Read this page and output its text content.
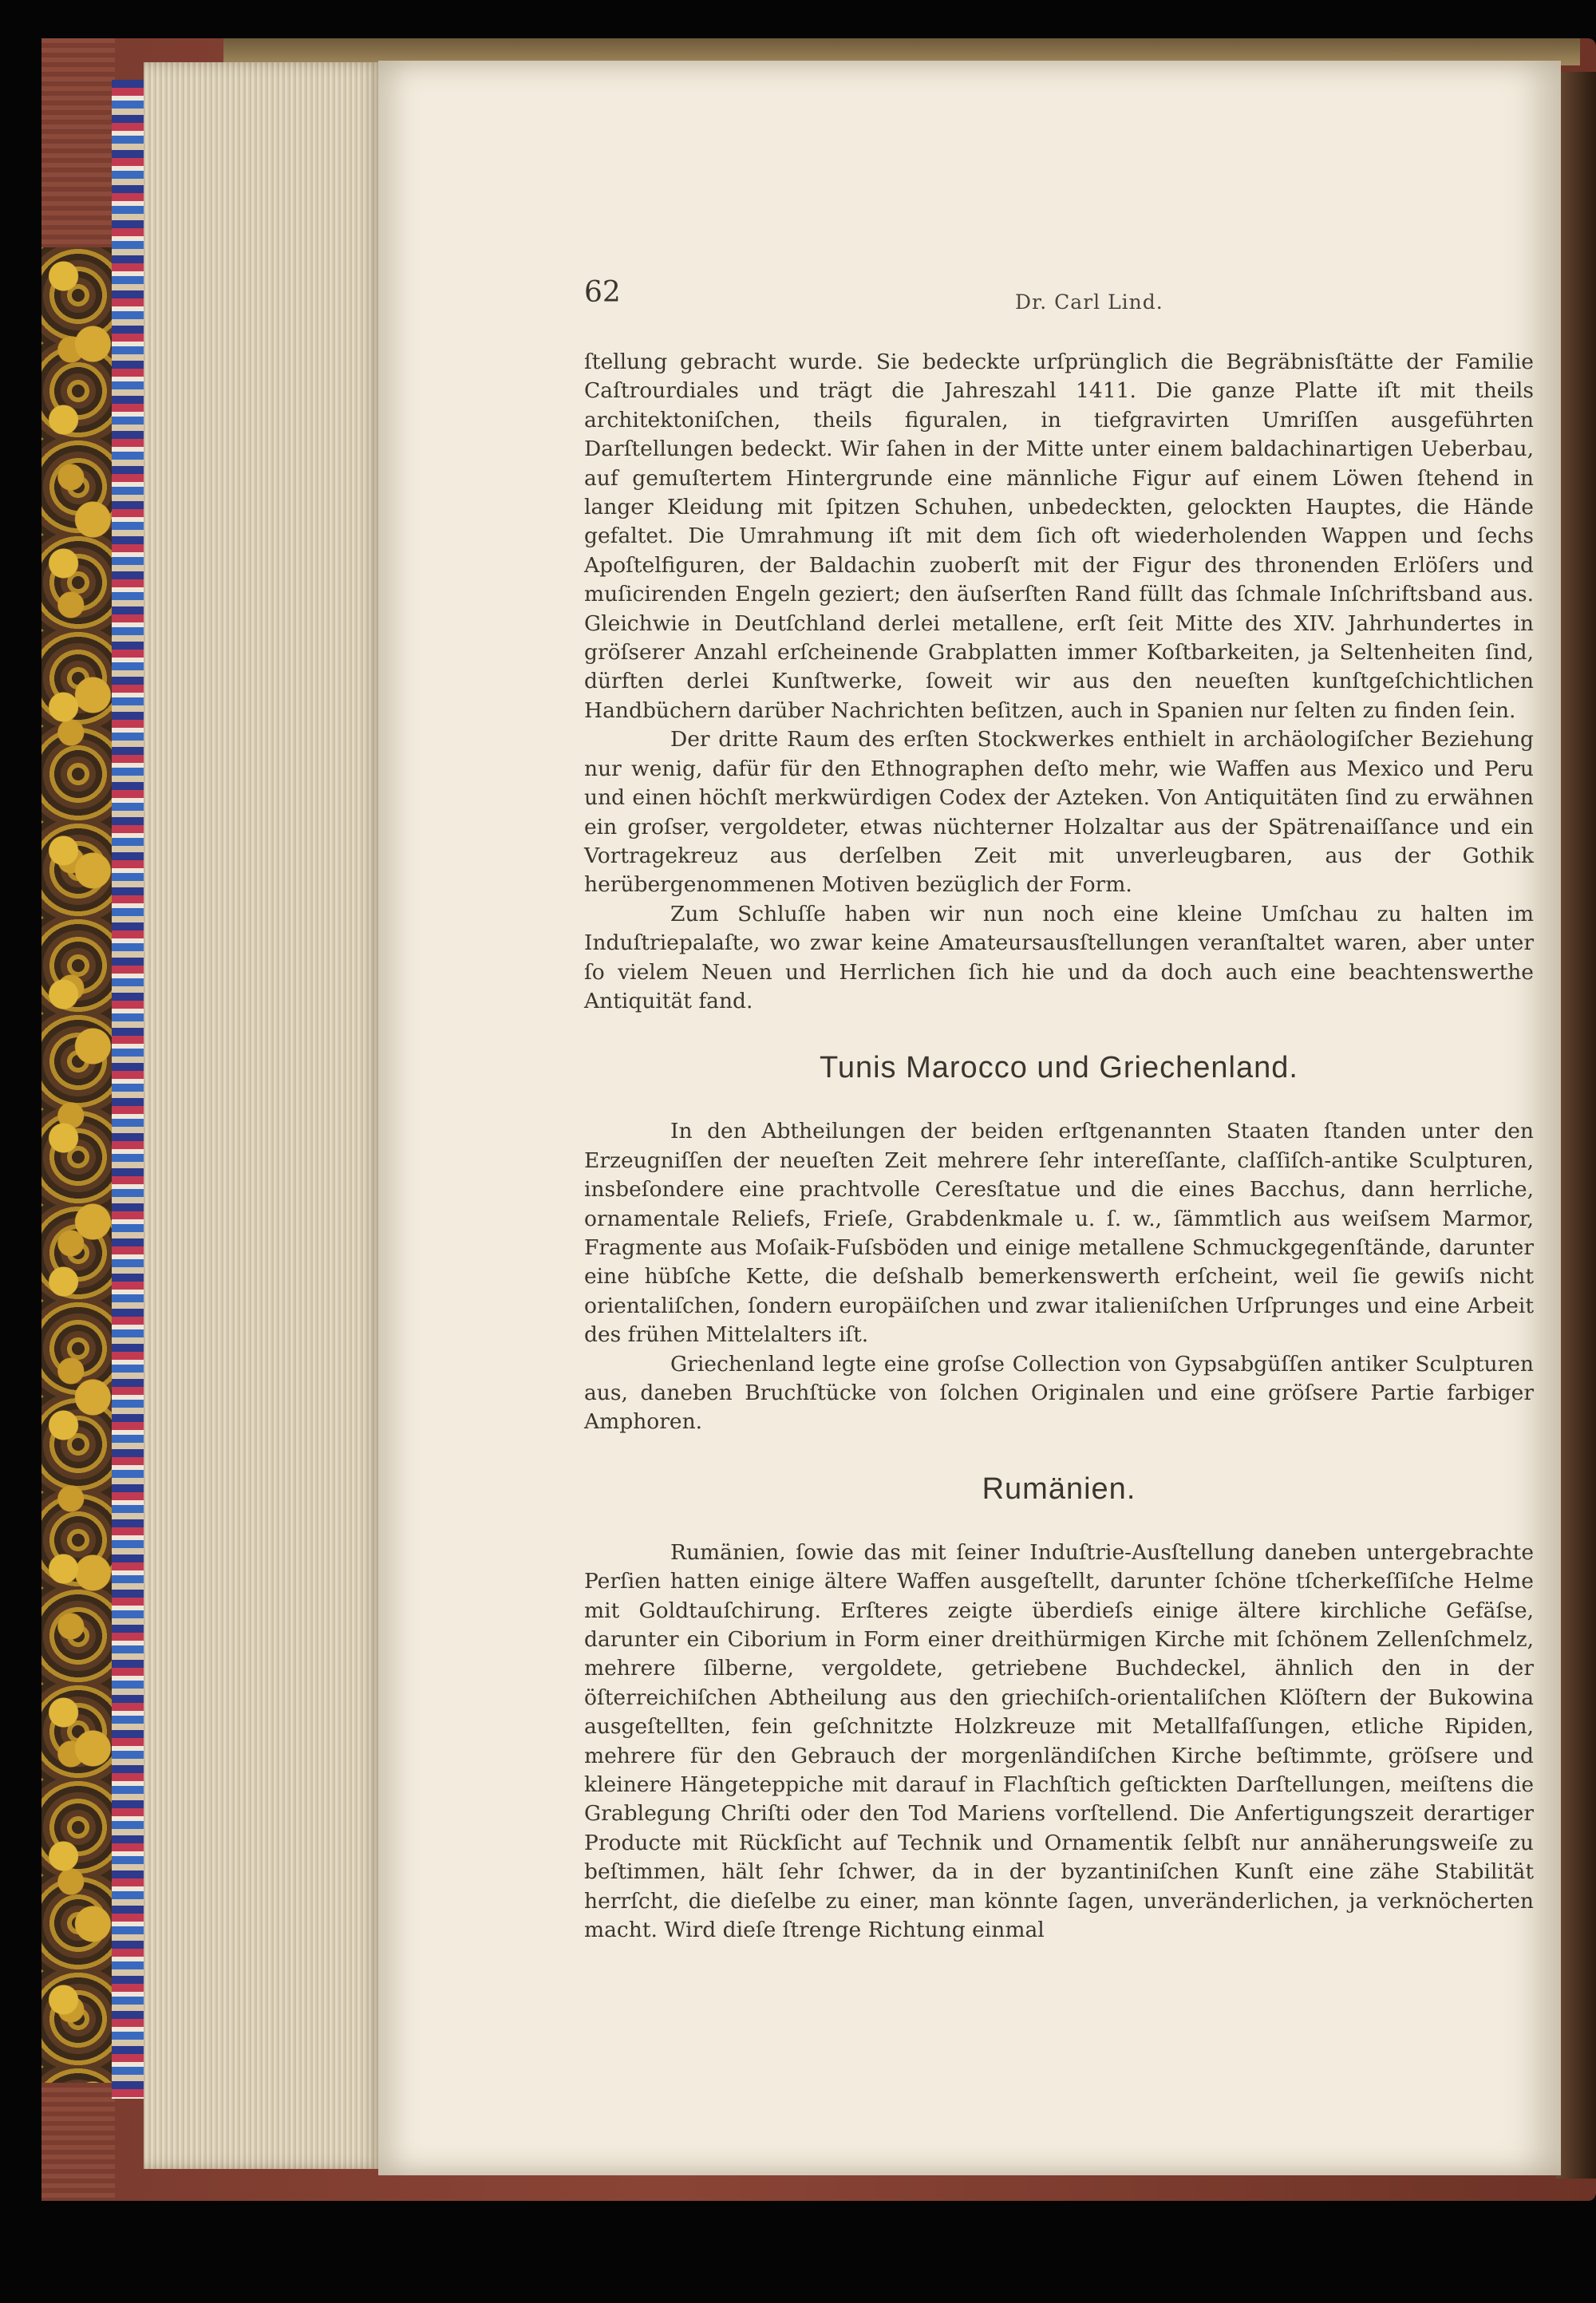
62	Dr. Carl Lind.

ſtellung gebracht wurde. Sie bedeckte urſprünglich die Begräbnisſtätte der Familie Caſtrourdiales und trägt die Jahreszahl 1411. Die ganze Platte iſt mit theils architektoniſchen, theils figuralen, in tiefgravirten Umriſſen ausgeführten Darſtellungen bedeckt. Wir ſahen in der Mitte unter einem baldachinartigen Ueberbau, auf gemuſtertem Hintergrunde eine männliche Figur auf einem Löwen ſtehend in langer Kleidung mit ſpitzen Schuhen, unbedeckten, gelockten Hauptes, die Hände gefaltet. Die Umrahmung iſt mit dem ſich oft wiederholenden Wappen und ſechs Apoſtelfiguren, der Baldachin zuoberſt mit der Figur des thronenden Erlöſers und muſicirenden Engeln geziert; den äuſserſten Rand füllt das ſchmale Inſchriftsband aus. Gleichwie in Deutſchland derlei metallene, erſt ſeit Mitte des XIV. Jahrhundertes in gröſserer Anzahl erſcheinende Grabplatten immer Koſtbarkeiten, ja Seltenheiten ſind, dürften derlei Kunſtwerke, ſoweit wir aus den neueſten kunſtgeſchichtlichen Handbüchern darüber Nachrichten beſitzen, auch in Spanien nur ſelten zu finden ſein.

Der dritte Raum des erſten Stockwerkes enthielt in archäologiſcher Beziehung nur wenig, dafür für den Ethnographen deſto mehr, wie Waffen aus Mexico und Peru und einen höchſt merkwürdigen Codex der Azteken. Von Antiquitäten ſind zu erwähnen ein groſser, vergoldeter, etwas nüchterner Holzaltar aus der Spätrenaiſſance und ein Vortragekreuz aus derſelben Zeit mit unverleugbaren, aus der Gothik herübergenommenen Motiven bezüglich der Form.

Zum Schluſſe haben wir nun noch eine kleine Umſchau zu halten im Induſtriepalaſte, wo zwar keine Amateursausſtellungen veranſtaltet waren, aber unter ſo vielem Neuen und Herrlichen ſich hie und da doch auch eine beachtenswerthe Antiquität fand.

Tunis Marocco und Griechenland.

In den Abtheilungen der beiden erſtgenannten Staaten ſtanden unter den Erzeugniſſen der neueſten Zeit mehrere ſehr intereſſante, claſſiſch-antike Sculpturen, insbeſondere eine prachtvolle Ceresſtatue und die eines Bacchus, dann herrliche, ornamentale Reliefs, Frieſe, Grabdenkmale u. ſ. w., ſämmtlich aus weiſsem Marmor, Fragmente aus Moſaik-Fuſsböden und einige metallene Schmuckgegenſtände, darunter eine hübſche Kette, die deſshalb bemerkenswerth erſcheint, weil ſie gewiſs nicht orientaliſchen, ſondern europäiſchen und zwar italieniſchen Urſprunges und eine Arbeit des frühen Mittelalters iſt.

Griechenland legte eine groſse Collection von Gypsabgüſſen antiker Sculpturen aus, daneben Bruchſtücke von ſolchen Originalen und eine gröſsere Partie farbiger Amphoren.

Rumänien.

Rumänien, ſowie das mit ſeiner Induſtrie-Ausſtellung daneben untergebrachte Perſien hatten einige ältere Waffen ausgeſtellt, darunter ſchöne tſcherkeſſiſche Helme mit Goldtauſchirung. Erſteres zeigte überdieſs einige ältere kirchliche Gefäſse, darunter ein Ciborium in Form einer dreithürmigen Kirche mit ſchönem Zellenſchmelz, mehrere ſilberne, vergoldete, getriebene Buchdeckel, ähnlich den in der öſterreichiſchen Abtheilung aus den griechiſch-orientaliſchen Klöſtern der Bukowina ausgeſtellten, fein geſchnitzte Holzkreuze mit Metallfaſſungen, etliche Ripiden, mehrere für den Gebrauch der morgenländiſchen Kirche beſtimmte, gröſsere und kleinere Hängeteppiche mit darauf in Flachſtich geſtickten Darſtellungen, meiſtens die Grablegung Chriſti oder den Tod Mariens vorſtellend. Die Anfertigungszeit derartiger Producte mit Rückſicht auf Technik und Ornamentik ſelbſt nur annäherungsweiſe zu beſtimmen, hält ſehr ſchwer, da in der byzantiniſchen Kunſt eine zähe Stabilität herrſcht, die dieſelbe zu einer, man könnte ſagen, unveränderlichen, ja verknöcherten macht. Wird dieſe ſtrenge Richtung einmal
